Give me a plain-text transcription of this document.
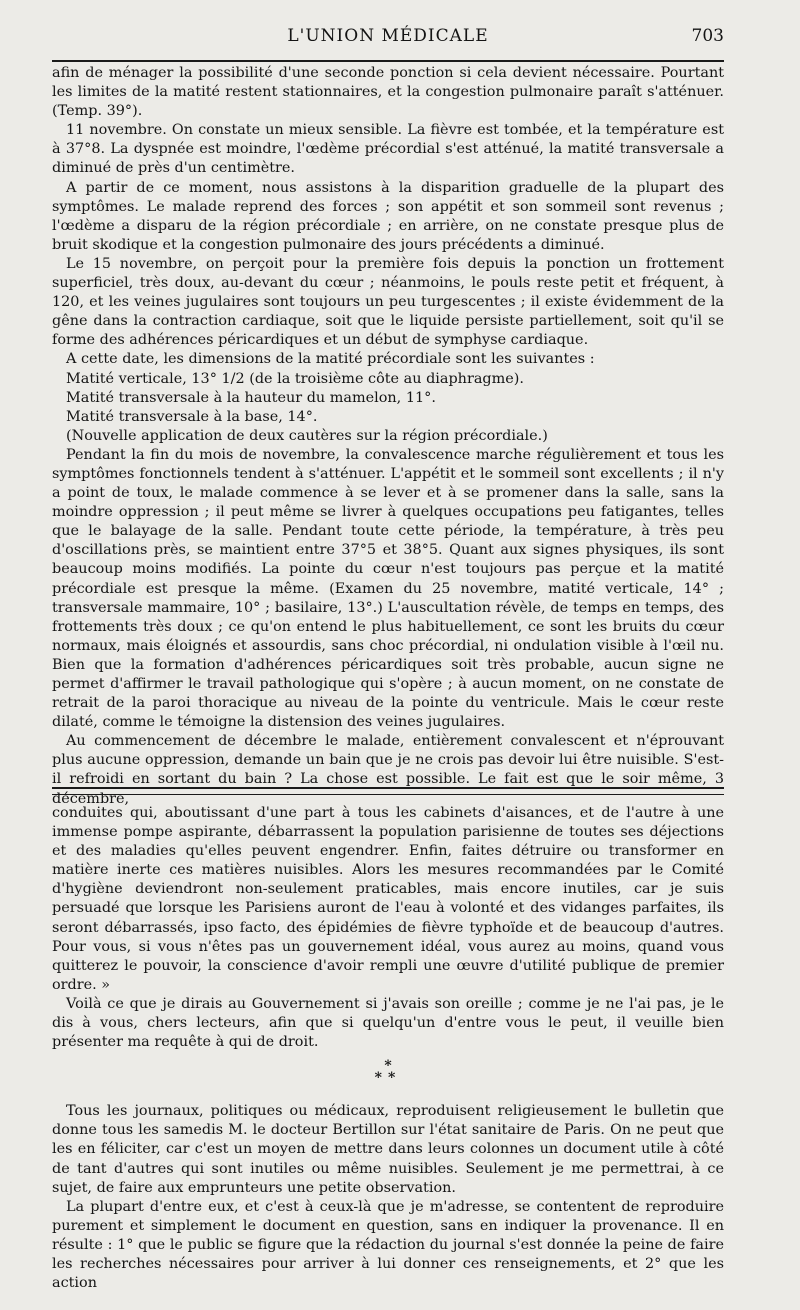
L'UNION MÉDICALE	703

afin de ménager la possibilité d'une seconde ponction si cela devient nécessaire. Pourtant les limites de la matité restent stationnaires, et la congestion pulmonaire paraît s'atténuer. (Temp. 39°).

11 novembre. On constate un mieux sensible. La fièvre est tombée, et la température est à 37°8. La dyspnée est moindre, l'œdème précordial s'est atténué, la matité transversale a diminué de près d'un centimètre.

A partir de ce moment, nous assistons à la disparition graduelle de la plupart des symptômes. Le malade reprend des forces ; son appétit et son sommeil sont revenus ; l'œdème a disparu de la région précordiale ; en arrière, on ne constate presque plus de bruit skodique et la congestion pulmonaire des jours précédents a diminué.

Le 15 novembre, on perçoit pour la première fois depuis la ponction un frottement superficiel, très doux, au-devant du cœur ; néanmoins, le pouls reste petit et fréquent, à 120, et les veines jugulaires sont toujours un peu turgescentes ; il existe évidemment de la gêne dans la contraction cardiaque, soit que le liquide persiste partiellement, soit qu'il se forme des adhérences péricardiques et un début de symphyse cardiaque.

A cette date, les dimensions de la matité précordiale sont les suivantes :

Matité verticale, 13° 1/2 (de la troisième côte au diaphragme).

Matité transversale à la hauteur du mamelon, 11°.

Matité transversale à la base, 14°.

(Nouvelle application de deux cautères sur la région précordiale.)

Pendant la fin du mois de novembre, la convalescence marche régulièrement et tous les symptômes fonctionnels tendent à s'atténuer. L'appétit et le sommeil sont excellents ; il n'y a point de toux, le malade commence à se lever et à se promener dans la salle, sans la moindre oppression ; il peut même se livrer à quelques occupations peu fatigantes, telles que le balayage de la salle. Pendant toute cette période, la température, à très peu d'oscillations près, se maintient entre 37°5 et 38°5. Quant aux signes physiques, ils sont beaucoup moins modifiés. La pointe du cœur n'est toujours pas perçue et la matité précordiale est presque la même. (Examen du 25 novembre, matité verticale, 14° ; transversale mammaire, 10° ; basilaire, 13°.) L'auscultation révèle, de temps en temps, des frottements très doux ; ce qu'on entend le plus habituellement, ce sont les bruits du cœur normaux, mais éloignés et assourdis, sans choc précordial, ni ondulation visible à l'œil nu. Bien que la formation d'adhérences péricardiques soit très probable, aucun signe ne permet d'affirmer le travail pathologique qui s'opère ; à aucun moment, on ne constate de retrait de la paroi thoracique au niveau de la pointe du ventricule. Mais le cœur reste dilaté, comme le témoigne la distension des veines jugulaires.

Au commencement de décembre le malade, entièrement convalescent et n'éprouvant plus aucune oppression, demande un bain que je ne crois pas devoir lui être nuisible. S'est-il refroidi en sortant du bain ? La chose est possible. Le fait est que le soir même, 3 décembre,

conduites qui, aboutissant d'une part à tous les cabinets d'aisances, et de l'autre à une immense pompe aspirante, débarrassent la population parisienne de toutes ses déjections et des maladies qu'elles peuvent engendrer. Enfin, faites détruire ou transformer en matière inerte ces matières nuisibles. Alors les mesures recommandées par le Comité d'hygiène deviendront non-seulement praticables, mais encore inutiles, car je suis persuadé que lorsque les Parisiens auront de l'eau à volonté et des vidanges parfaites, ils seront débarrassés, ipso facto, des épidémies de fièvre typhoïde et de beaucoup d'autres. Pour vous, si vous n'êtes pas un gouvernement idéal, vous aurez au moins, quand vous quitterez le pouvoir, la conscience d'avoir rempli une œuvre d'utilité publique de premier ordre. »

Voilà ce que je dirais au Gouvernement si j'avais son oreille ; comme je ne l'ai pas, je le dis à vous, chers lecteurs, afin que si quelqu'un d'entre vous le peut, il veuille bien présenter ma requête à qui de droit.

*
**

Tous les journaux, politiques ou médicaux, reproduisent religieusement le bulletin que donne tous les samedis M. le docteur Bertillon sur l'état sanitaire de Paris. On ne peut que les en féliciter, car c'est un moyen de mettre dans leurs colonnes un document utile à côté de tant d'autres qui sont inutiles ou même nuisibles. Seulement je me permettrai, à ce sujet, de faire aux emprunteurs une petite observation.

La plupart d'entre eux, et c'est à ceux-là que je m'adresse, se contentent de reproduire purement et simplement le document en question, sans en indiquer la provenance. Il en résulte : 1° que le public se figure que la rédaction du journal s'est donnée la peine de faire les recherches nécessaires pour arriver à lui donner ces renseignements, et 2° que les action
